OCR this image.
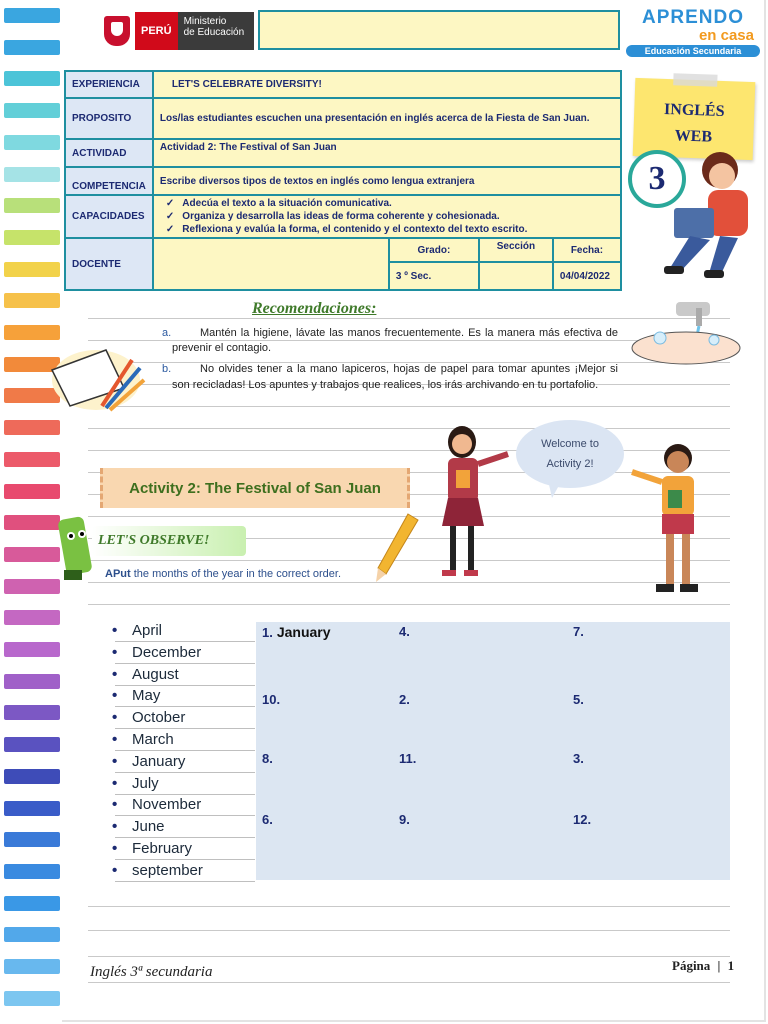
PERÚ
Ministerio
de Educación
APRENDO
en casa
Educación Secundaria
EXPERIENCIA	LET'S CELEBRATE DIVERSITY!			
PROPOSITO	Los/las estudiantes escuchen una presentación en inglés acerca de la Fiesta de San Juan.			
ACTIVIDAD	Actividad 2: The Festival of San Juan			
COMPETENCIA	Escribe diversos tipos de textos en inglés como lengua extranjera			
CAPACIDADES	✓ Adecúa el texto a la situación comunicativa.
✓ Organiza y desarrolla las ideas de forma coherente y cohesionada.
✓ Reflexiona y evalúa la forma, el contenido y el contexto del texto escrito.			

DOCENTE		Grado:	Sección	Fecha:
		3 º Sec.		04/04/2022
INGLÉS
WEB
3
Recomendaciones:
a.	Mantén la higiene, lávate las manos frecuentemente. Es la manera más efectiva de prevenir el contagio.
b.	No olvides tener a la mano lapiceros, hojas de papel para tomar apuntes ¡Mejor si son recicladas! Los apuntes y trabajos que realices, los irás archivando en tu portafolio.
Activity 2: The Festival of San Juan
Welcome to Activity 2!
LET'S OBSERVE!
APut the months of the year in the correct order.
1. January	4.	7.
10.	2.	5.
8.	11.	3.
6.	9.	12.
• April
• December
• August
• May
• October
• March
• January
• July
• November
• June
• February
• september
Inglés 3ª secundaria	Página | 1
